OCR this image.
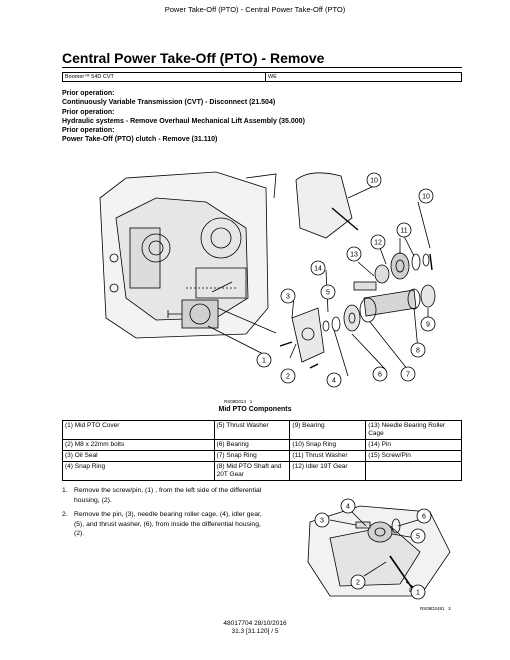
Power Take-Off (PTO) - Central Power Take-Off (PTO)
Central Power Take-Off (PTO) - Remove
Boomer™ 54D CVT	WE
Prior operation:
Continuously Variable Transmission (CVT) - Disconnect (21.504)
Prior operation:
Hydraulic systems - Remove Overhaul Mechanical Lift Assembly (35.000)
Prior operation:
Power Take-Off (PTO) clutch - Remove (31.110)
10
10
11
12
13
14
5
3
9
8
1
2
4
6	7
RS08D014 1
Mid PTO Components
(1) Mid PTO Cover	(5) Thrust Washer	(9) Bearing	(13) Needle Bearing Roller Cage
(2) M8 x 22mm bolts	(6) Bearing	(10) Snap Ring	(14) Pin
(3) Oil Seal	(7) Snap Ring	(11) Thrust Washer	(15) Screw/Pin
(4) Snap Ring	(8) Mid PTO Shaft and 20T Gear	(12) Idler 19T Gear	
1. Remove the screw/pin, (1) , from the left side of the differential housing, (2).
2. Remove the pin, (3), needle bearing roller cage, (4), idler gear, (5), and thrust washer, (6), from inside the differential housing, (2).
3
4
6
5
2
1
RS08D2481 2
48017704 28/10/2016
31.3 [31.120] / 5
